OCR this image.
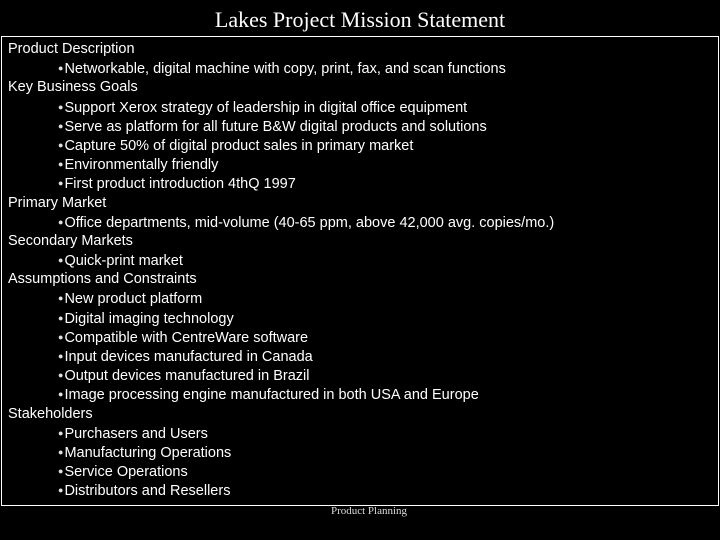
Lakes Project Mission Statement
Product Description
●Networkable, digital machine with copy, print, fax, and scan functions
Key Business Goals
●Support Xerox strategy of leadership in digital office equipment
●Serve as platform for all future B&W digital products and solutions
●Capture 50% of digital product sales in primary market
●Environmentally friendly
●First product introduction 4thQ 1997
Primary Market
●Office departments, mid-volume (40-65 ppm, above 42,000 avg. copies/mo.)
Secondary Markets
●Quick-print market
Assumptions and Constraints
●New product platform
●Digital imaging technology
●Compatible with CentreWare software
●Input devices manufactured in Canada
●Output devices manufactured in Brazil
●Image processing engine manufactured in both USA and Europe
Stakeholders
●Purchasers and Users
●Manufacturing Operations
●Service Operations
●Distributors and Resellers
Product Planning
